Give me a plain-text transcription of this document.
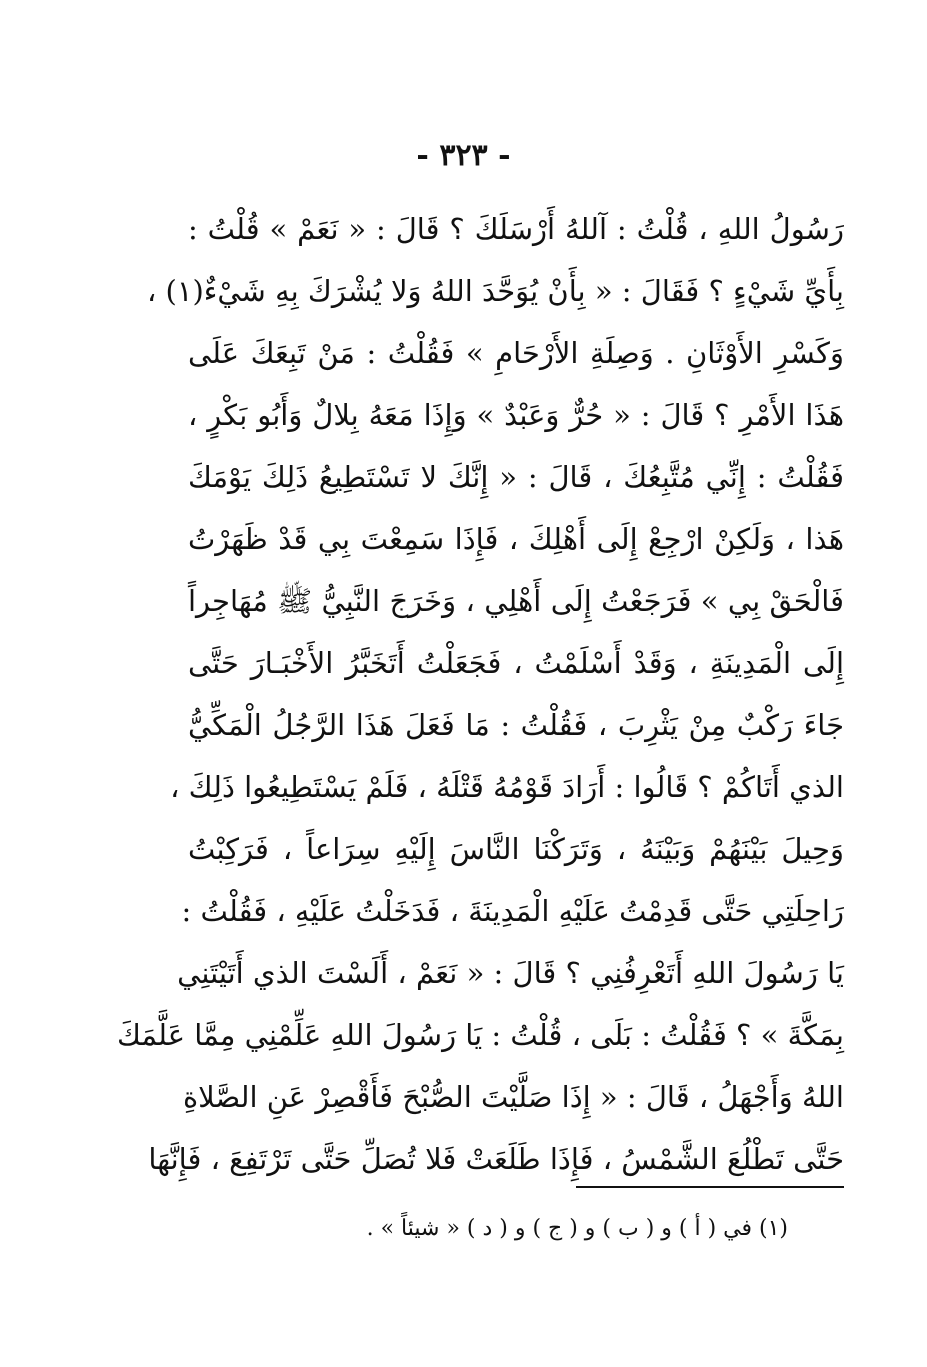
- ٣٢٣ -
رَسُولُ اللهِ ، قُلْتُ : آللهُ أَرْسَلَكَ ؟ قَالَ : « نَعَمْ » قُلْتُ :
بِأَيِّ شَيْءٍ ؟ فَقَالَ : « بِأَنْ يُوَحَّدَ اللهُ وَلا يُشْرَكَ بِهِ شَيْءٌ(١) ،
وَكَسْرِ الأَوْثَانِ . وَصِلَةِ الأَرْحَامِ » فَقُلْتُ : مَنْ تَبِعَكَ عَلَى
هَذَا الأَمْرِ ؟ قَالَ : « حُرٌّ وَعَبْدٌ » وَإِذَا مَعَهُ بِلالٌ وَأَبُو بَكْرٍ ،
فَقُلْتُ : إِنِّي مُتَّبِعُكَ ، قَالَ : « إِنَّكَ لا تَسْتَطِيعُ ذَلِكَ يَوْمَكَ
هَذا ، وَلَكِنْ ارْجِعْ إِلَى أَهْلِكَ ، فَإِذَا سَمِعْتَ بِي قَدْ ظَهَرْتُ
فَالْحَقْ بِي » فَرَجَعْتُ إِلَى أَهْلِي ، وَخَرَجَ النَّبِيُّ ﷺ مُهَاجِراً
إِلَى الْمَدِينَةِ ، وَقَدْ أَسْلَمْتُ ، فَجَعَلْتُ أَتَخَبَّرُ الأَخْبَـارَ حَتَّى
جَاءَ رَكْبٌ مِنْ يَثْرِبَ ، فَقُلْتُ : مَا فَعَلَ هَذَا الرَّجُلُ الْمَكِّيُّ
الذي أَتَاكُمْ ؟ قَالُوا : أَرَادَ قَوْمُهُ قَتْلَهُ ، فَلَمْ يَسْتَطِيعُوا ذَلِكَ ،
وَحِيلَ بَيْنَهُمْ وَبَيْنَهُ ، وَتَرَكْنَا النَّاسَ إِلَيْهِ سِرَاعاً ، فَرَكِبْتُ
رَاحِلَتِي حَتَّى قَدِمْتُ عَلَيْهِ الْمَدِينَةَ ، فَدَخَلْتُ عَلَيْهِ ، فَقُلْتُ :
يَا رَسُولَ اللهِ أَتَعْرِفُنِي ؟ قَالَ : « نَعَمْ ، أَلَسْتَ الذي أَتَيْتَنِي
بِمَكَّةَ » ؟ فَقُلْتُ : بَلَى ، قُلْتُ : يَا رَسُولَ اللهِ عَلِّمْنِي مِمَّا عَلَّمَكَ
اللهُ وَأَجْهَلُ ، قَالَ : « إِذَا صَلَّيْتَ الصُّبْحَ فَأَقْصِرْ عَنِ الصَّلاةِ
حَتَّى تَطْلُعَ الشَّمْسُ ، فَإِذَا طَلَعَتْ فَلا تُصَلِّ حَتَّى تَرْتَفِعَ ، فَإِنَّهَا
(١) في ( أ ) و ( ب ) و ( ج ) و ( د ) « شيئاً » .
